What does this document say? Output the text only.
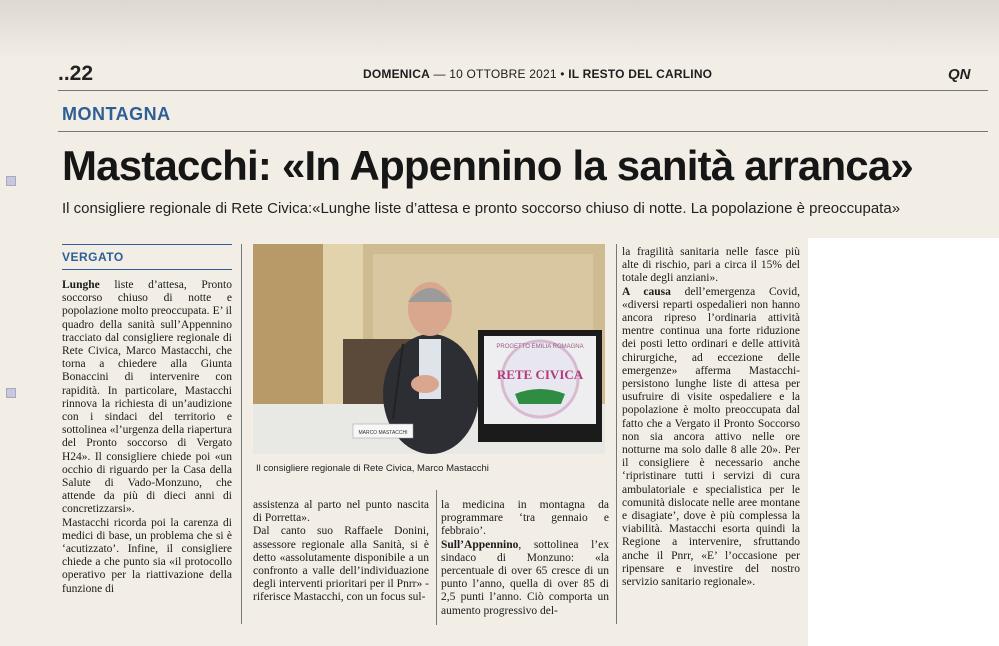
..22	DOMENICA — 10 OTTOBRE 2021 • IL RESTO DEL CARLINO	QN
MONTAGNA
Mastacchi: «In Appennino la sanità arranca»
Il consigliere regionale di Rete Civica:«Lunghe liste d’attesa e pronto soccorso chiuso di notte. La popolazione è preoccupata»
VERGATO

Lunghe liste d’attesa, Pronto soccorso chiuso di notte e popolazione molto preoccupata. E’ il quadro della sanità sull’Appennino tracciato dal consigliere regionale di Rete Civica, Marco Mastacchi, che torna a chiedere alla Giunta Bonaccini di intervenire con rapidità. In particolare, Mastacchi rinnova la richiesta di un’audizione con i sindaci del territorio e sottolinea «l’urgenza della riapertura del Pronto soccorso di Vergato H24». Il consigliere chiede poi «un occhio di riguardo per la Casa della Salute di Vado-Monzuno, che attende da più di dieci anni di concretizzarsi».

Mastacchi ricorda poi la carenza di medici di base, un problema che si è ‘acutizzato’. Infine, il consigliere chiede a che punto sia «il protocollo operativo per la riattivazione della funzione di

PROGETTO EMILIA ROMAGNA
RETE CIVICA
MARCO MASTACCHI
Il consigliere regionale di Rete Civica, Marco Mastacchi

assistenza al parto nel punto nascita di Porretta».

Dal canto suo Raffaele Donini, assessore regionale alla Sanità, si è detto «assolutamente disponibile a un confronto a valle dell’individuazione degli interventi prioritari per il Pnrr» - riferisce Mastacchi, con un focus sul-

la medicina in montagna da programmare ‘tra gennaio e febbraio’.

Sull’Appennino, sottolinea l’ex sindaco di Monzuno: «la percentuale di over 65 cresce di un punto l’anno, quella di over 85 di 2,5 punti l’anno. Ciò comporta un aumento progressivo del-

la fragilità sanitaria nelle fasce più alte di rischio, pari a circa il 15% del totale degli anziani».

A causa dell’emergenza Covid, «diversi reparti ospedalieri non hanno ancora ripreso l’ordinaria attività mentre continua una forte riduzione dei posti letto ordinari e delle attività chirurgiche, ad eccezione delle emergenze» afferma Mastacchi- persistono lunghe liste di attesa per usufruire di visite ospedaliere e la popolazione è molto preoccupata dal fatto che a Vergato il Pronto Soccorso non sia ancora attivo nelle ore notturne ma solo dalle 8 alle 20». Per il consigliere è necessario anche ‘ripristinare tutti i servizi di cura ambulatoriale e specialistica per le comunità dislocate nelle aree montane e disagiate’, dove è più complessa la viabilità. Mastacchi esorta quindi la Regione a intervenire, sfruttando anche il Pnrr, «E’ l’occasione per ripensare e investire del nostro servizio sanitario regionale».
